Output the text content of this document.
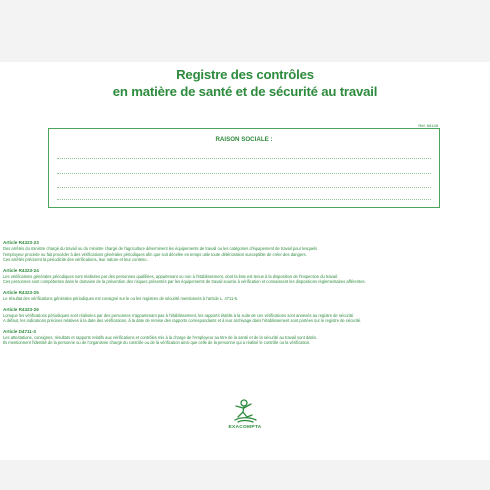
Registre des contrôles
en matière de santé et de sécurité au travail
Réf. 66148
RAISON SOCIALE :
Article R4323-23
Des arrêtés du ministre chargé du travail ou du ministre chargé de l'agriculture déterminent les équipements de travail ou les catégories d'équipement de travail pour lesquels
l'employeur procède ou fait procéder à des vérifications générales périodiques afin que soit décelée en temps utile toute détérioration susceptible de créer des dangers.
Ces arrêtés précisent la périodicité des vérifications, leur nature et leur contenu.
Article R4323-24
Les vérifications générales périodiques sont réalisées par des personnes qualifiées, appartenant ou non à l'établissement, dont la liste est tenue à la disposition de l'inspection du travail.
Ces personnes sont compétentes dans le domaine de la prévention des risques présentés par les équipements de travail soumis à vérification et connaissent les dispositions réglementaires afférentes.
Article R4323-25
Le résultat des vérifications générales périodiques est consigné sur le ou les registres de sécurité mentionnés à l'article L. 4711-5.
Article R4323-26
Lorsque les vérifications périodiques sont réalisées par des personnes n'appartenant pas à l'établissement, les rapports établis à la suite de ces vérifications sont annexés au registre de sécurité.
A défaut, les indications précises relatives à la date des vérifications, à la date de remise des rapports correspondants et à leur archivage dans l'établissement sont portées sur le registre de sécurité.
Article D4711-3
Les attestations, consignes, résultats et rapports relatifs aux vérifications et contrôles mis à la charge de l'employeur au titre de la santé et de la sécurité au travail sont datés.
Ils mentionnent l'identité de la personne ou de l'organisme chargé du contrôle ou de la vérification ainsi que celle de la personne qui a réalisé le contrôle ou la vérification.
EXACOMPTA
